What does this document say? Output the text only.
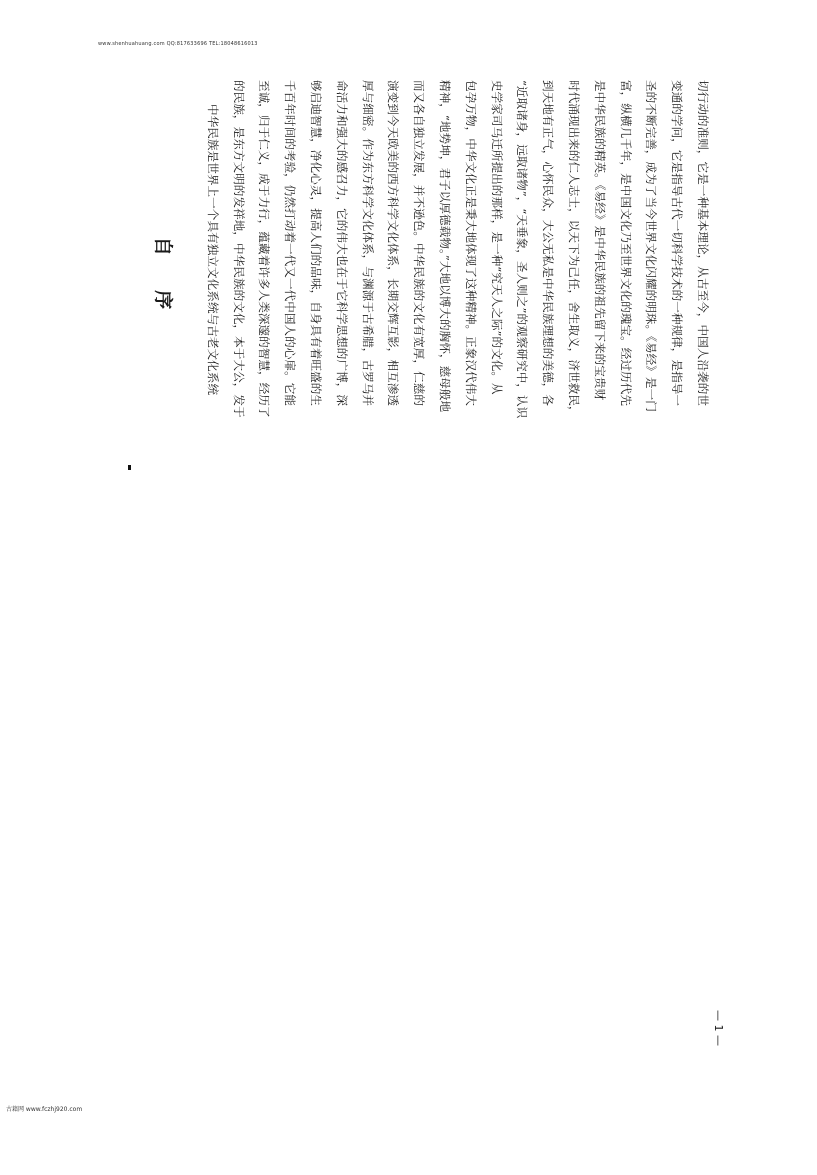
www.shenhuahuang.com QQ:817633696 TEL:18048616013
中华民族是世界上一个具有独立文化系统与古老文化系统 的民族，是东方文明的发祥地，中华民族的文化，本于大公，发于 至诚，归于仁义，成于力行，蕴藏着许多人类深邃的智慧，经历了 千百年时间的考验，仍然打动着一代又一代中国人的心扉。它能 够启迪智慧，净化心灵，提高人们的品味，自身具有着旺盛的生 命活力和强大的感召力，它的伟大也在于它科学思想的广博，深 厚与细密。作为东方科学文化体系，与渊源于古希腊，古罗马并 演变到今天欧美的西方科学文化体系，长期交辉互影，相互渗透 而又各自独立发展，并不逊色。中华民族的文化有宽厚，仁慈的 精神，“地势坤，君子以厚德载物。”大地以博大的胸怀，慈母般地 包孕万物，中华文化正是秉大地体现了这种精神。正象汉代伟大 史学家司马迁所提出的那样，是一种“究天人之际”的文化。从 “近取诸身，远取诸物”，“天垂象，圣人则之”的观察研究中，认识 到天地有正气，心怀民众，大公无私是中华民族理想的美德，各 时代涌现出来的仁人志士，以天下为己任，舍生取义，济世救民， 是中华民族的精英。《易经》是中华民族的祖先留下来的宝贵财 富，纵横几千年，是中国文化乃至世界文化的瑰宝。经过历代先 圣的不断完善，成为了当今世界文化闪耀的明珠。《易经》是一门 变通的学问，它是指导古代一切科学技术的一种规律，是指导一 切行动的准则，它是一种基本理论，从古至今，中国人沿袭的世
自 序
— 1 —
古籍网 www.fczhj920.com
